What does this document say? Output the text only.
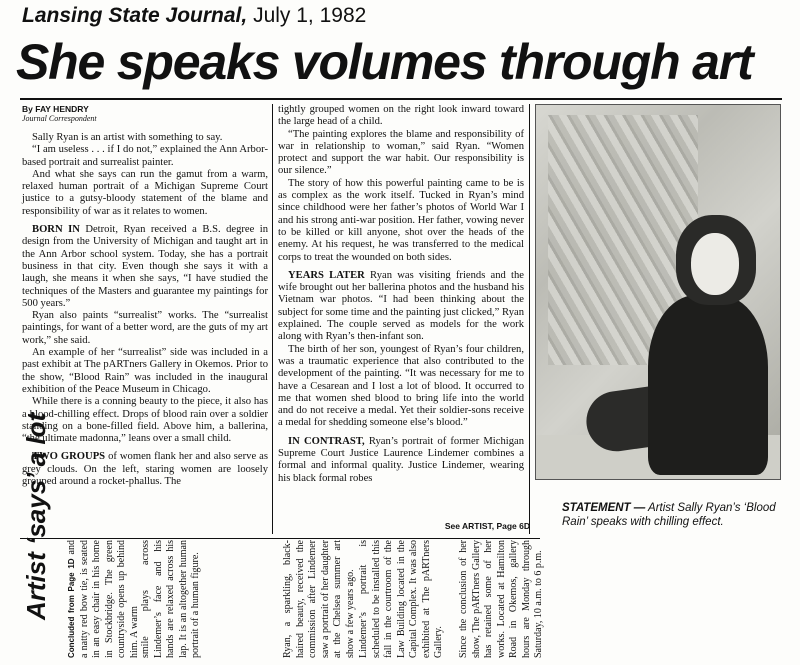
Lansing State Journal, July 1, 1982
She speaks volumes through art

By FAY HENDRY

Journal Correspondent

Sally Ryan is an artist with something to say.

“I am useless . . . if I do not,” explained the Ann Arbor-based portrait and surrealist painter.

And what she says can run the gamut from a warm, relaxed human portrait of a Michigan Supreme Court justice to a gutsy-bloody statement of the blame and responsibility of war as it relates to women.

BORN IN Detroit, Ryan received a B.S. degree in design from the University of Michigan and taught art in the Ann Arbor school system. Today, she has a portrait business in that city. Even though she says it with a laugh, she means it when she says, “I have studied the techniques of the Masters and guarantee my paintings for 500 years.”

Ryan also paints “surrealist” works. The “surrealist paintings, for want of a better word, are the guts of my art work,” she said.

An example of her “surrealist” side was included in a past exhibit at The pARTners Gallery in Okemos. Prior to the show, “Blood Rain” was included in the inaugural exhibition of the Peace Museum in Chicago.

While there is a conning beauty to the piece, it also has a blood-chilling effect. Drops of blood rain over a soldier standing on a bone-filled field. Above him, a ballerina, “the ultimate madonna,” leans over a small child.

TWO GROUPS of women flank her and also serve as grey clouds. On the left, staring women are loosely grouped around a rocket-phallus. The

tightly grouped women on the right look inward toward the large head of a child.

“The painting explores the blame and responsibility of war in relationship to woman,” said Ryan. “Women protect and support the war habit. Our responsibility is our silence.”

The story of how this powerful painting came to be is as complex as the work itself. Tucked in Ryan’s mind since childhood were her father’s photos of World War I and his strong anti-war position. Her father, vowing never to be killed or kill anyone, shot over the heads of the enemy. At his request, he was transferred to the medical corps to treat the wounded on both sides.

YEARS LATER Ryan was visiting friends and the wife brought out her ballerina photos and the husband his Vietnam war photos. “I had been thinking about the subject for some time and the painting just clicked,” Ryan explained. The couple served as models for the work along with Ryan’s then-infant son.

The birth of her son, youngest of Ryan’s four children, was a traumatic experience that also contributed to the development of the painting. “It was necessary for me to have a Cesarean and I lost a lot of blood. It occurred to me that women shed blood to bring life into the world and do not receive a medal. Yet their soldier-sons receive a medal for shedding someone else’s blood.”

IN CONTRAST, Ryan’s portrait of former Michigan Supreme Court Justice Laurence Lindemer combines a formal and informal quality. Justice Lindemer, wearing his black formal robes

See ARTIST, Page 6D
STATEMENT — Artist Sally Ryan’s ‘Blood Rain’ speaks with chilling effect.
Artist ‘says’ a lot Concluded from Page 1D and a natty red bow tie, is seated in an easy chair in his home in Stockbridge. The green countryside opens up behind him. A warm smile plays across Lindemer’s face and his hands are relaxed across his lap. It is an altogether human portrait of a human figure.	Ryan, a sparkling, black-haired beauty, received the commission after Lindemer saw a portrait of her daughter at the Chelsea summer art show a few years ago. Lindemer’s portrait is scheduled to be installed this fall in the courtroom of the Law Building located in the Capital Complex. It was also exhibited at The pARTners Gallery.	Since the conclusion of her show, The pARTners Gallery has retained some of her works. Located at Hamilton Road in Okemos, gallery hours are Monday through Saturday, 10 a.m. to 6 p.m.
